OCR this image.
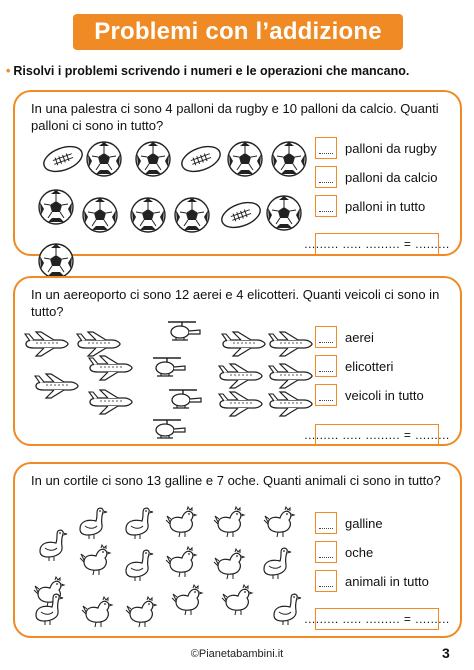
Problemi con l’addizione
• Risolvi i problemi scrivendo i numeri e le operazioni che mancano.
In una palestra ci sono 4 palloni da rugby e 10 palloni da calcio. Quanti palloni ci sono in tutto?
palloni da rugby
palloni da calcio
palloni in tutto
......... ..... ......... = .........
In un aereoporto ci sono 12 aerei e 4 elicotteri. Quanti veicoli ci sono in tutto?
aerei
elicotteri
veicoli in tutto
......... ..... ......... = .........
In un cortile ci sono 13 galline e 7 oche. Quanti animali ci sono in tutto?
galline
oche
animali in tutto
......... ..... ......... = .........
©Pianetabambini.it	3
